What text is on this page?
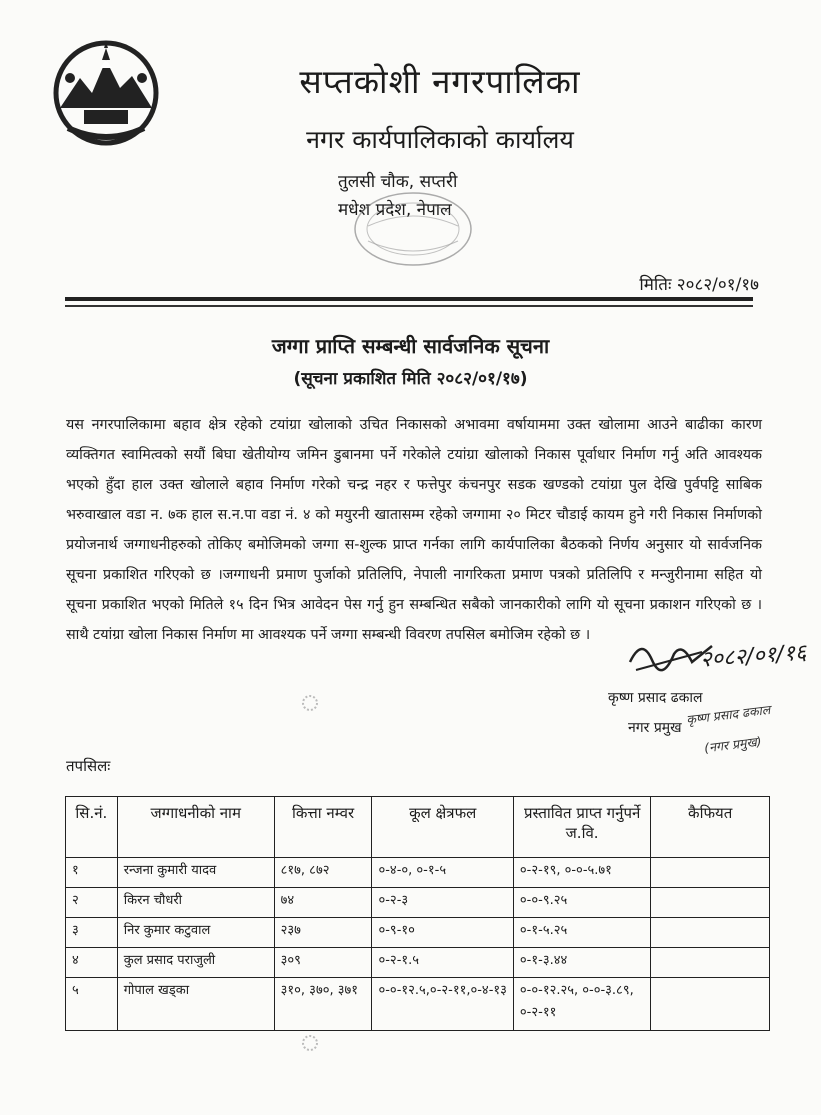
सप्तकोशी नगरपालिका
नगर कार्यपालिकाको कार्यालय
तुलसी चौक, सप्तरी
मधेश प्रदेश, नेपाल
मितिः २०८२/०१/१७
जग्गा प्राप्ति सम्बन्धी सार्वजनिक सूचना
(सूचना प्रकाशित मिति २०८२/०१/१७)
यस नगरपालिकामा बहाव क्षेत्र रहेको टयांग्रा खोलाको उचित निकासको अभावमा वर्षायाममा उक्त खोलामा आउने बाढीका कारण व्यक्तिगत स्वामित्वको सयौं बिघा खेतीयोग्य जमिन डुबानमा पर्ने गरेकोले टयांग्रा खोलाको निकास पूर्वाधार निर्माण गर्नु अति आवश्यक भएको हुँदा हाल उक्त खोलाले बहाव निर्माण गरेको चन्द्र नहर र फत्तेपुर कंचनपुर सडक खण्डको टयांग्रा पुल देखि पुर्वपट्टि साबिक भरुवाखाल वडा न. ७क हाल स.न.पा वडा नं. ४ को मयुरनी खातासम्म रहेको जग्गामा २० मिटर चौडाई कायम हुने गरी निकास निर्माणको प्रयोजनार्थ जग्गाधनीहरुको तोकिए बमोजिमको जग्गा स-शुल्क प्राप्त गर्नका लागि कार्यपालिका बैठकको निर्णय अनुसार यो सार्वजनिक सूचना प्रकाशित गरिएको छ ।जग्गाधनी प्रमाण पुर्जाको प्रतिलिपि, नेपाली नागरिकता प्रमाण पत्रको प्रतिलिपि र मन्जुरीनामा सहित यो सूचना प्रकाशित भएको मितिले १५ दिन भित्र आवेदन पेस गर्नु हुन सम्बन्धित सबैको जानकारीको लागि यो सूचना प्रकाशन गरिएको छ ।साथै टयांग्रा खोला निकास निर्माण मा आवश्यक पर्ने जग्गा सम्बन्धी विवरण तपसिल बमोजिम रहेको छ ।
२०८२/०१/१६
कृष्ण प्रसाद ढकाल
नगर प्रमुख
कृष्ण प्रसाद ढकाल
(नगर प्रमुख)
तपसिलः
सि.नं.	जग्गाधनीको नाम	कित्ता नम्वर	कूल क्षेत्रफल	प्रस्तावित प्राप्त गर्नुपर्ने ज.वि.	कैफियत
१	रन्जना कुमारी यादव	८१७, ८७२	०-४-०, ०-१-५	०-२-१९, ०-०-५.७१	
२	किरन चौधरी	७४	०-२-३	०-०-९.२५	
३	निर कुमार कटुवाल	२३७	०-९-१०	०-१-५.२५	
४	कुल प्रसाद पराजुली	३०९	०-२-१.५	०-१-३.४४	
५	गोपाल खड्का	३१०, ३७०, ३७१	०-०-१२.५,०-२-११,०-४-१३	०-०-१२.२५, ०-०-३.८९, ०-२-११	
